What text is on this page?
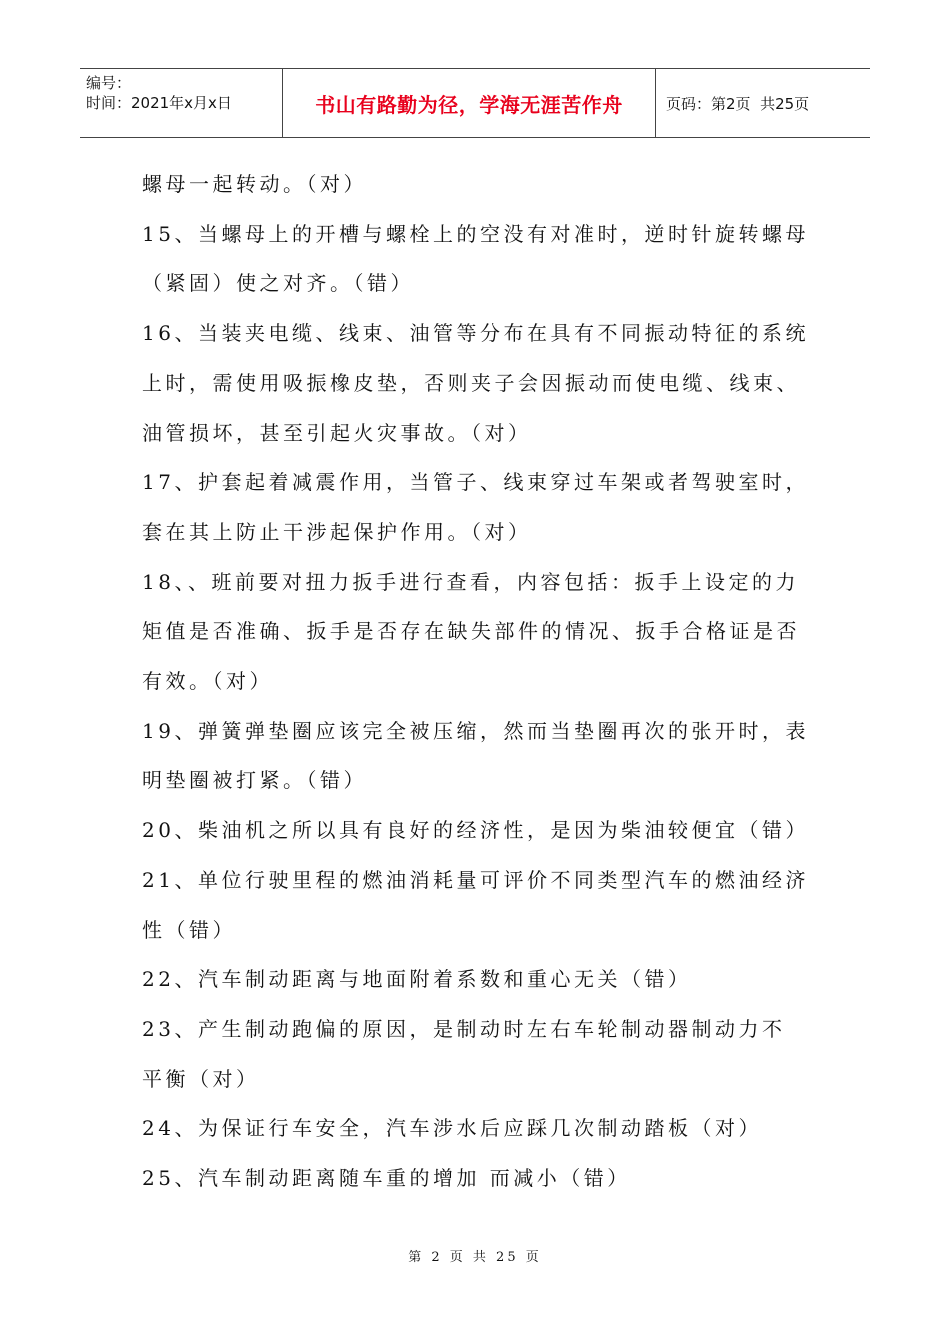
编号：
时间：2021年x月x日	书山有路勤为径，学海无涯苦作舟	页码：第2页  共25页

螺母一起转动。（对）

15、当螺母上的开槽与螺栓上的空没有对准时，逆时针旋转螺母（紧固）使之对齐。（错）

16、当装夹电缆、线束、油管等分布在具有不同振动特征的系统上时，需使用吸振橡皮垫，否则夹子会因振动而使电缆、线束、油管损坏，甚至引起火灾事故。（对）

17、护套起着减震作用，当管子、线束穿过车架或者驾驶室时，套在其上防止干涉起保护作用。（对）

18、、班前要对扭力扳手进行查看，内容包括：扳手上设定的力矩值是否准确、扳手是否存在缺失部件的情况、扳手合格证是否有效。（对）

19、弹簧弹垫圈应该完全被压缩，然而当垫圈再次的张开时，表明垫圈被打紧。（错）

20、柴油机之所以具有良好的经济性，是因为柴油较便宜（错）

21、单位行驶里程的燃油消耗量可评价不同类型汽车的燃油经济性（错）

22、汽车制动距离与地面附着系数和重心无关（错）

23、产生制动跑偏的原因，是制动时左右车轮制动器制动力不 平衡（对）

24、为保证行车安全，汽车涉水后应踩几次制动踏板（对）

25、汽车制动距离随车重的增加 而减小（错）

第 2 页 共 25 页
